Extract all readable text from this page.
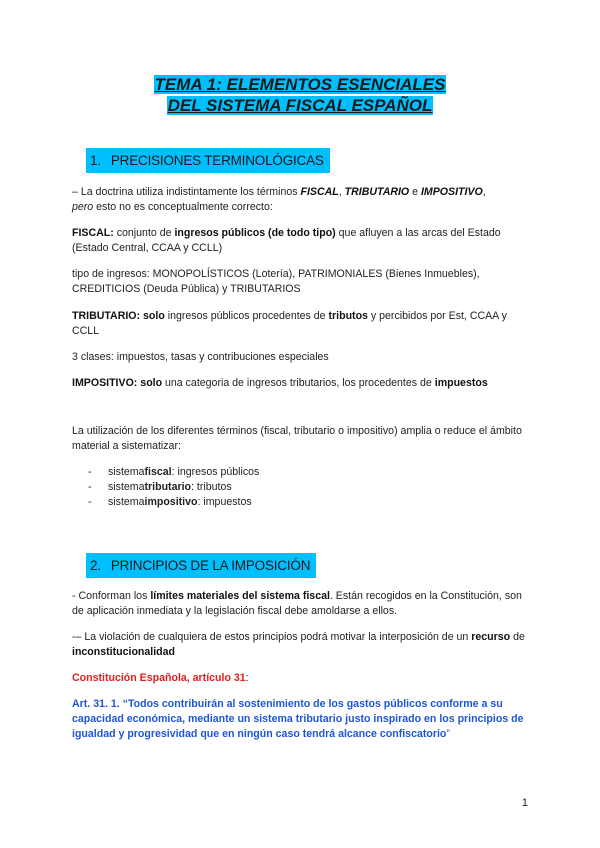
TEMA 1: ELEMENTOS ESENCIALES
DEL SISTEMA FISCAL ESPAÑOL
1. PRECISIONES TERMINOLÓGICAS
– La doctrina utiliza indistintamente los términos FISCAL, TRIBUTARIO e IMPOSITIVO,
pero esto no es conceptualmente correcto:
FISCAL: conjunto de ingresos públicos (de todo tipo) que afluyen a las arcas del Estado (Estado Central, CCAA y CCLL)
tipo de ingresos: MONOPOLÍSTICOS (Lotería), PATRIMONIALES (Bienes Inmuebles), CREDITICIOS (Deuda Pública) y TRIBUTARIOS
TRIBUTARIO: solo ingresos públicos procedentes de tributos y percibidos por Est, CCAA y CCLL
3 clases: impuestos, tasas y contribuciones especiales
IMPOSITIVO: solo una categoria de ingresos tributarios, los procedentes de impuestos
La utilización de los diferentes términos (fiscal, tributario o impositivo) amplia o reduce el ámbito material a sistematizar:
-	sistema fiscal : ingresos públicos
-	sistema tributario : tributos
-	sistema impositivo : impuestos
2. PRINCIPIOS DE LA IMPOSICIÓN
- Conforman los límites materiales del sistema fiscal. Están recogidos en la Constitución, son de aplicación inmediata y la legislación fiscal debe amoldarse a ellos.
-– La violación de cualquiera de estos principios podrá motivar la interposición de un recurso de inconstitucionalidad
Constitución Española, artículo 31:
Art. 31. 1. “Todos contribuirán al sostenimiento de los gastos públicos conforme a su capacidad económica, mediante un sistema tributario justo inspirado en los principios de igualdad y progresividad que en ningún caso tendrá alcance confiscatorio”
1
